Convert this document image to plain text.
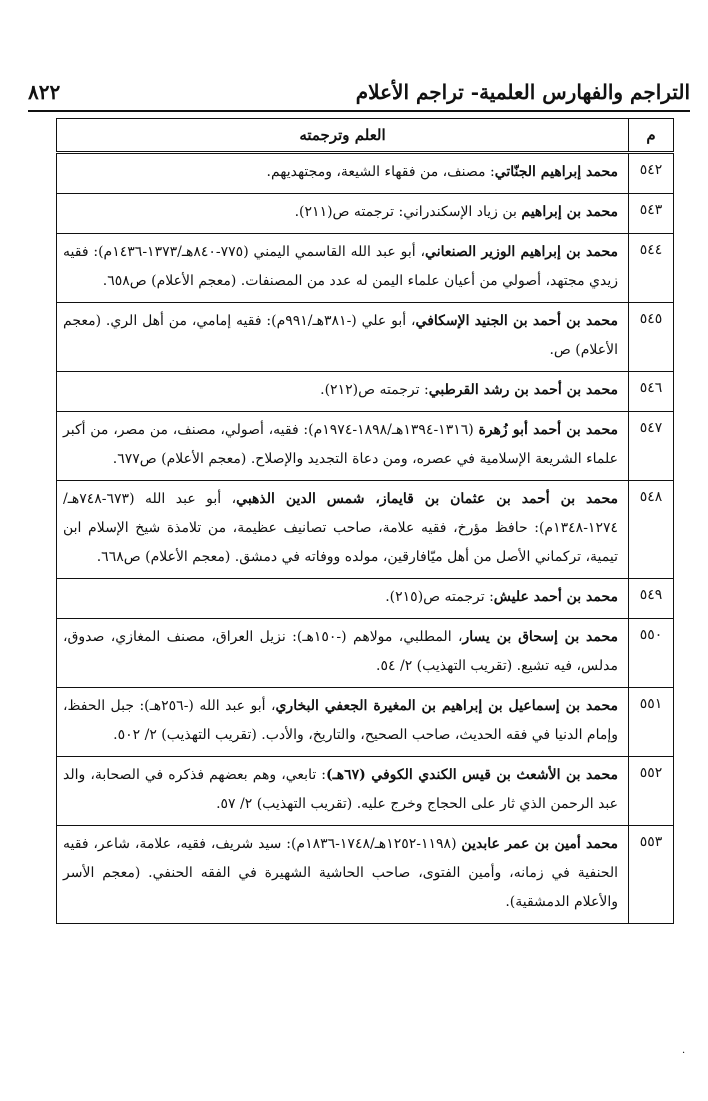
التراجم والفهارس العلمية- تراجم الأعلام
٨٢٢
م	العلم وترجمته
٥٤٢	محمد إبراهيم الجنّاتي: مصنف، من فقهاء الشيعة، ومجتهديهم.
٥٤٣	محمد بن إبراهيم بن زياد الإسكندراني: ترجمته ص(٢١١).
٥٤٤	محمد بن إبراهيم الوزير الصنعاني، أبو عبد الله القاسمي اليمني (٧٧٥-٨٤٠هـ/١٣٧٣-١٤٣٦م): فقيه زيدي مجتهد، أصولي من أعيان علماء اليمن له عدد من المصنفات. (معجم الأعلام) ص٦٥٨.
٥٤٥	محمد بن أحمد بن الجنيد الإسكافي، أبو علي (-٣٨١هـ/٩٩١م): فقيه إمامي، من أهل الري. (معجم الأعلام) ص.
٥٤٦	محمد بن أحمد بن رشد القرطبي: ترجمته ص(٢١٢).
٥٤٧	محمد بن أحمد أبو زُهرة (١٣١٦-١٣٩٤هـ/١٨٩٨-١٩٧٤م): فقيه، أصولي، مصنف، من مصر، من أكبر علماء الشريعة الإسلامية في عصره، ومن دعاة التجديد والإصلاح. (معجم الأعلام) ص٦٧٧.
٥٤٨	محمد بن أحمد بن عثمان بن قايماز، شمس الدين الذهبي، أبو عبد الله (٦٧٣-٧٤٨هـ/١٢٧٤-١٣٤٨م): حافظ مؤرخ، فقيه علامة، صاحب تصانيف عظيمة، من تلامذة شيخ الإسلام ابن تيمية، تركماني الأصل من أهل ميّافارقين، مولده ووفاته في دمشق. (معجم الأعلام) ص٦٦٨.
٥٤٩	محمد بن أحمد عليش: ترجمته ص(٢١٥).
٥٥٠	محمد بن إسحاق بن يسار، المطلبي، مولاهم (-١٥٠هـ): نزيل العراق، مصنف المغازي، صدوق، مدلس، فيه تشيع. (تقريب التهذيب) ٢/ ٥٤.
٥٥١	محمد بن إسماعيل بن إبراهيم بن المغيرة الجعفي البخاري، أبو عبد الله (-٢٥٦هـ): جبل الحفظ، وإمام الدنيا في فقه الحديث، صاحب الصحيح، والتاريخ، والأدب. (تقريب التهذيب) ٢/ ٥٠٢.
٥٥٢	محمد بن الأشعث بن قيس الكندي الكوفي (٦٧هـ): تابعي، وهم بعضهم فذكره في الصحابة، والد عبد الرحمن الذي ثار على الحجاج وخرج عليه. (تقريب التهذيب) ٢/ ٥٧.
٥٥٣	محمد أمين بن عمر عابدين (١١٩٨-١٢٥٢هـ/١٧٤٨-١٨٣٦م): سيد شريف، فقيه، علامة، شاعر، فقيه الحنفية في زمانه، وأمين الفتوى، صاحب الحاشية الشهيرة في الفقه الحنفي. (معجم الأسر والأعلام الدمشقية).
·
